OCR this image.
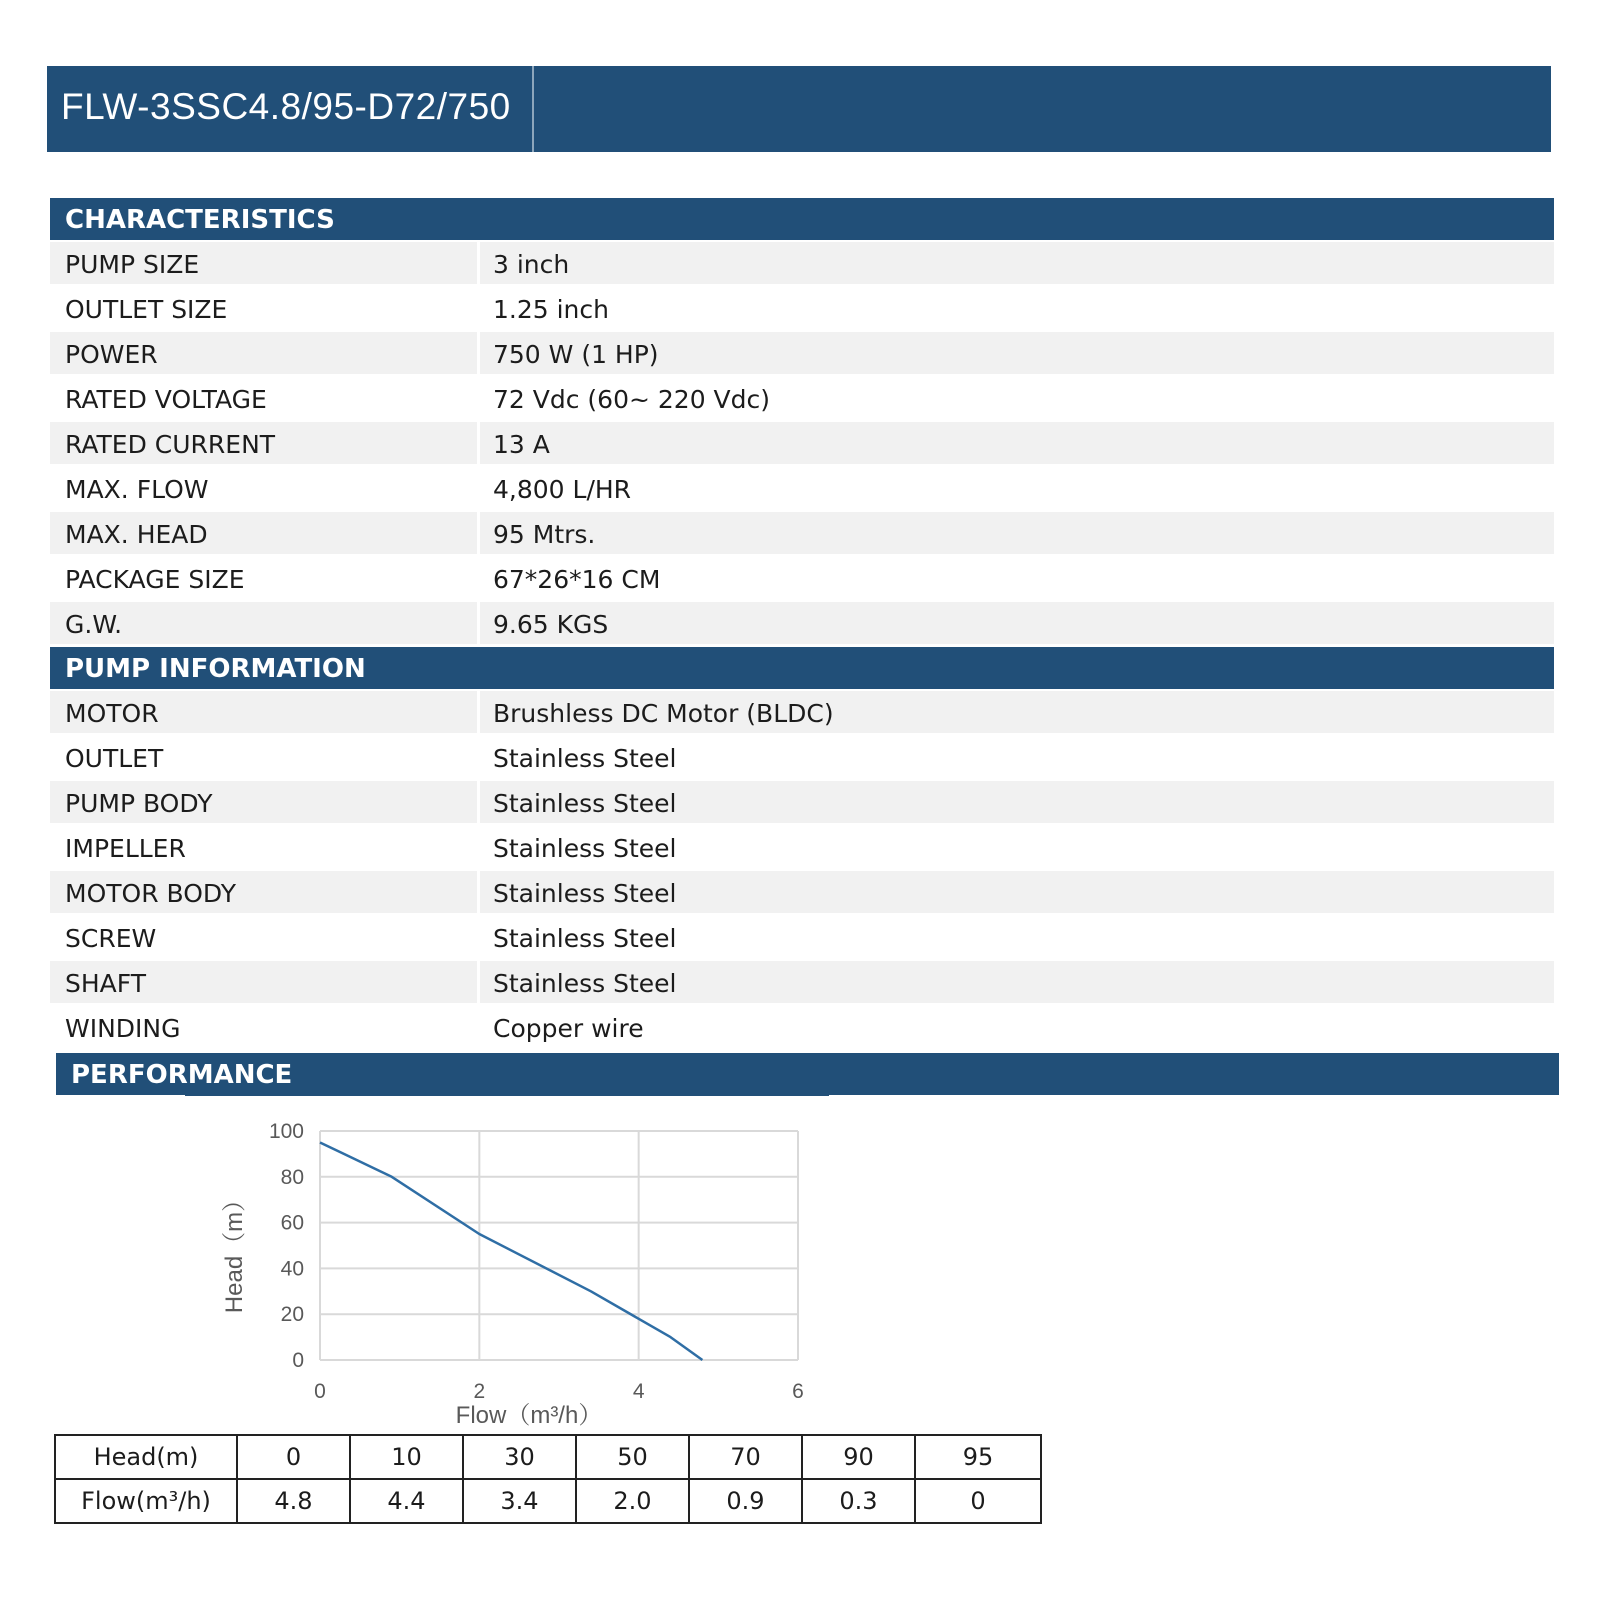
FLW-3SSC4.8/95-D72/750
CHARACTERISTICS
PUMP SIZE	3 inch
OUTLET SIZE	1.25 inch
POWER	750 W (1 HP)
RATED VOLTAGE	72 Vdc (60~ 220 Vdc)
RATED CURRENT	13 A
MAX. FLOW	4,800 L/HR
MAX. HEAD	95 Mtrs.
PACKAGE SIZE	67*26*16 CM
G.W.	9.65 KGS
PUMP INFORMATION
MOTOR	Brushless DC Motor (BLDC)
OUTLET	Stainless Steel
PUMP BODY	Stainless Steel
IMPELLER	Stainless Steel
MOTOR BODY	Stainless Steel
SCREW	Stainless Steel
SHAFT	Stainless Steel
WINDING	Copper wire
PERFORMANCE
0
20
40
60
80
100
0	2	4	6
Flow（m³/h）
Head（m）
Head(m)	0	10	30	50	70	90	95
Flow(m³/h)	4.8	4.4	3.4	2.0	0.9	0.3	0
